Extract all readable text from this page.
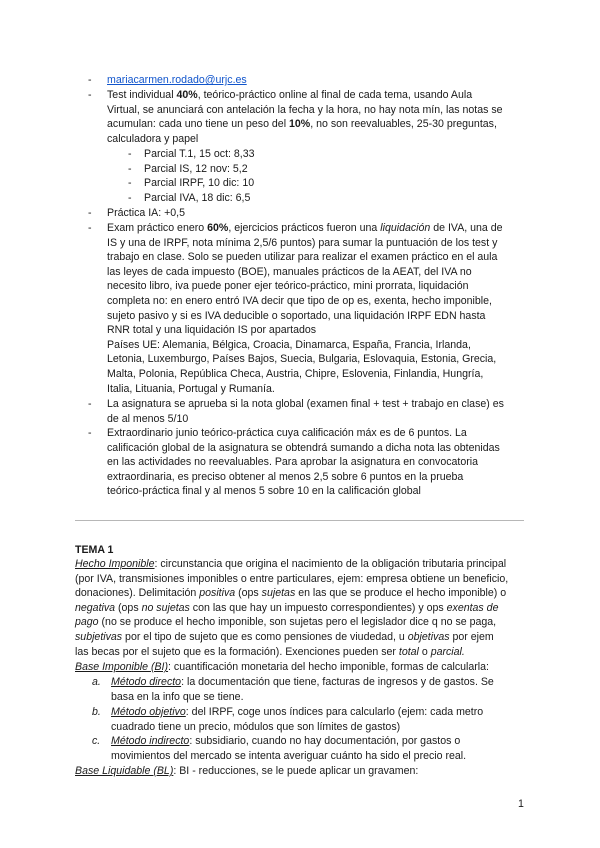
- mariacarmen.rodado@urjc.es
- Test individual 40%, teórico-práctico online al final de cada tema, usando Aula
Virtual, se anunciará con antelación la fecha y la hora, no hay nota mín, las notas se
acumulan: cada uno tiene un peso del 10%, no son reevaluables, 25-30 preguntas,
calculadora y papel
- Parcial T.1, 15 oct: 8,33
- Parcial IS, 12 nov: 5,2
- Parcial IRPF, 10 dic: 10
- Parcial IVA, 18 dic: 6,5
- Práctica IA: +0,5
- Exam práctico enero 60%, ejercicios prácticos fueron una liquidación de IVA, una de
IS y una de IRPF, nota mínima 2,5/6 puntos) para sumar la puntuación de los test y
trabajo en clase. Solo se pueden utilizar para realizar el examen práctico en el aula
las leyes de cada impuesto (BOE), manuales prácticos de la AEAT, del IVA no
necesito libro, iva puede poner ejer teórico-práctico, mini prorrata, liquidación
completa no: en enero entró IVA decir que tipo de op es, exenta, hecho imponible,
sujeto pasivo y si es IVA deducible o soportado, una liquidación IRPF EDN hasta
RNR total y una liquidación IS por apartados
Países UE: Alemania, Bélgica, Croacia, Dinamarca, España, Francia, Irlanda,
Letonia, Luxemburgo, Países Bajos, Suecia, Bulgaria, Eslovaquia, Estonia, Grecia,
Malta, Polonia, República Checa, Austria, Chipre, Eslovenia, Finlandia, Hungría,
Italia, Lituania, Portugal y Rumanía.
- La asignatura se aprueba si la nota global (examen final + test + trabajo en clase) es
de al menos 5/10
- Extraordinario junio teórico-práctica cuya calificación máx es de 6 puntos. La
calificación global de la asignatura se obtendrá sumando a dicha nota las obtenidas
en las actividades no reevaluables. Para aprobar la asignatura en convocatoria
extraordinaria, es preciso obtener al menos 2,5 sobre 6 puntos en la prueba
teórico-práctica final y al menos 5 sobre 10 en la calificación global
TEMA 1
Hecho Imponible: circunstancia que origina el nacimiento de la obligación tributaria principal
(por IVA, transmisiones imponibles o entre particulares, ejem: empresa obtiene un beneficio,
donaciones). Delimitación positiva (ops sujetas en las que se produce el hecho imponible) o
negativa (ops no sujetas con las que hay un impuesto correspondientes) y ops exentas de
pago (no se produce el hecho imponible, son sujetas pero el legislador dice q no se paga,
subjetivas por el tipo de sujeto que es como pensiones de viudedad, u objetivas por ejem
las becas por el sujeto que es la formación). Exenciones pueden ser total o parcial.
Base Imponible (BI): cuantificación monetaria del hecho imponible, formas de calcularla:
a. Método directo: la documentación que tiene, facturas de ingresos y de gastos. Se
basa en la info que se tiene.
b. Método objetivo: del IRPF, coge unos índices para calcularlo (ejem: cada metro
cuadrado tiene un precio, módulos que son límites de gastos)
c. Método indirecto: subsidiario, cuando no hay documentación, por gastos o
movimientos del mercado se intenta averiguar cuánto ha sido el precio real.
Base Liquidable (BL): BI - reducciones, se le puede aplicar un gravamen:
1
